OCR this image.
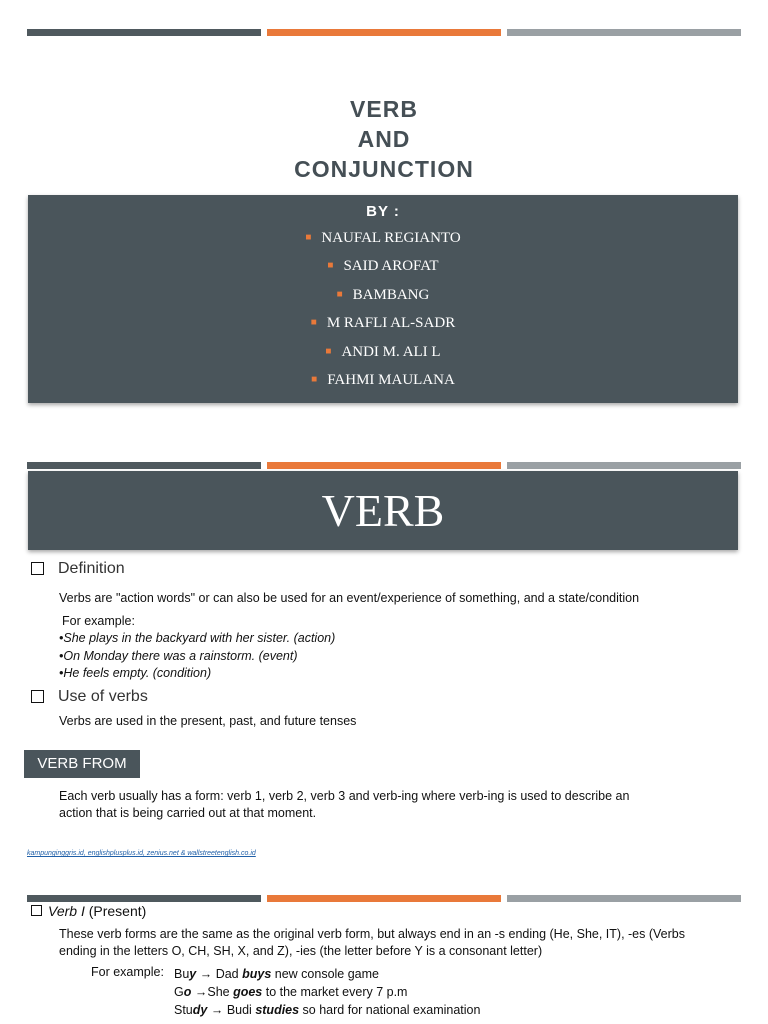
VERB
AND
CONJUNCTION
BY :
■ NAUFAL REGIANTO
■ SAID AROFAT
■ BAMBANG
■ M RAFLI AL-SADR
■ ANDI M. ALI L
■ FAHMI MAULANA
VERB
Definition
Verbs are "action words" or can also be used for an event/experience of something, and a state/condition
For example:
•She plays in the backyard with her sister. (action)
•On Monday there was a rainstorm. (event)
•He feels empty. (condition)
Use of verbs
Verbs are used in the present, past, and future tenses
VERB FROM
Each verb usually has a form: verb 1, verb 2, verb 3 and verb-ing where verb-ing is used to describe an
action that is being carried out at that moment.
kampunginggris.id, englishplusplus.id, zenius.net & wallstreetenglish.co.id
Verb I (Present)
These verb forms are the same as the original verb form, but always end in an -s ending (He, She, IT), -es (Verbs
ending in the letters O, CH, SH, X, and Z), -ies (the letter before Y is a consonant letter)
For example: Buy → Dad buys new console game
Go →She goes to the market every 7 p.m
Study → Budi studies so hard for national examination
